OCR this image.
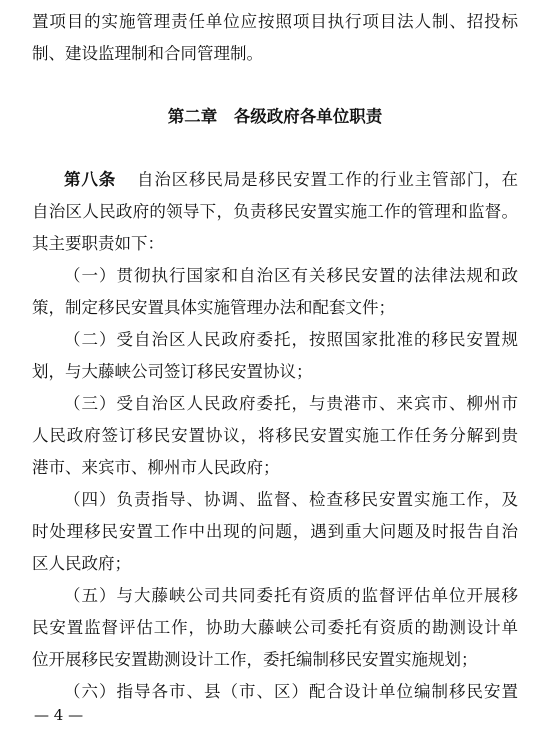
置项目的实施管理责任单位应按照项目执行项目法人制、招投标
制、建设监理制和合同管理制。
第二章　各级政府各单位职责
第八条 自治区移民局是移民安置工作的行业主管部门，在
自治区人民政府的领导下，负责移民安置实施工作的管理和监督。
其主要职责如下：
（一）贯彻执行国家和自治区有关移民安置的法律法规和政
策，制定移民安置具体实施管理办法和配套文件；
（二）受自治区人民政府委托，按照国家批准的移民安置规
划，与大藤峡公司签订移民安置协议；
（三）受自治区人民政府委托，与贵港市、来宾市、柳州市
人民政府签订移民安置协议，将移民安置实施工作任务分解到贵
港市、来宾市、柳州市人民政府；
（四）负责指导、协调、监督、检查移民安置实施工作，及
时处理移民安置工作中出现的问题，遇到重大问题及时报告自治
区人民政府；
（五）与大藤峡公司共同委托有资质的监督评估单位开展移
民安置监督评估工作，协助大藤峡公司委托有资质的勘测设计单
位开展移民安置勘测设计工作，委托编制移民安置实施规划；
（六）指导各市、县（市、区）配合设计单位编制移民安置
— 4 —
